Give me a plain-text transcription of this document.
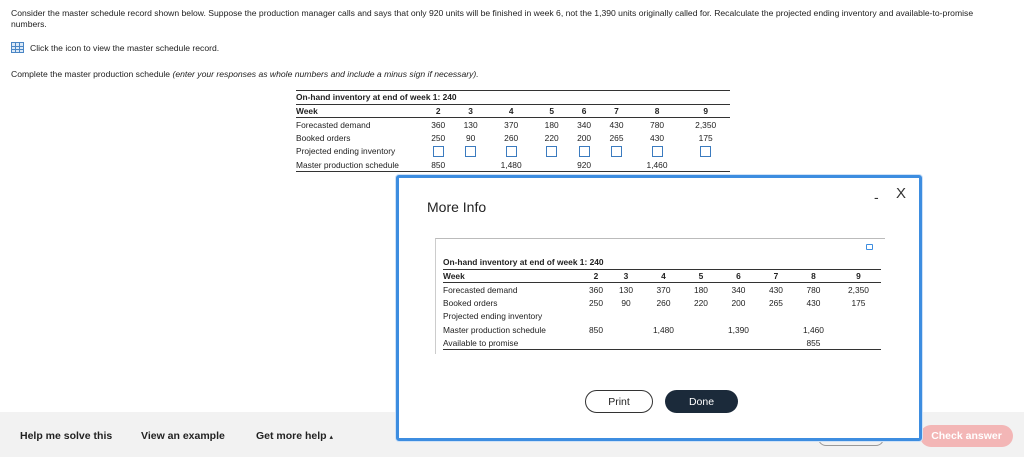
Consider the master schedule record shown below. Suppose the production manager calls and says that only 920 units will be finished in week 6, not the 1,390 units originally called for. Recalculate the projected ending inventory and available-to-promise numbers.
Click the icon to view the master schedule record.
Complete the master production schedule (enter your responses as whole numbers and include a minus sign if necessary).
On-hand inventory at end of week 1: 240								
Week	2	3	4	5	6	7	8	9
Forecasted demand	360	130	370	180	340	430	780	2,350
Booked orders	250	90	260	220	200	265	430	175
Projected ending inventory								
Master production schedule	850		1,480		920		1,460	
Help me solve this	View an example	Get more help ▴	Check answer
More Info
- X
On-hand inventory at end of week 1: 240								
Week	2	3	4	5	6	7	8	9
Forecasted demand	360	130	370	180	340	430	780	2,350
Booked orders	250	90	260	220	200	265	430	175
Projected ending inventory								
Master production schedule	850		1,480		1,390		1,460	
Available to promise							855	
Print	Done
